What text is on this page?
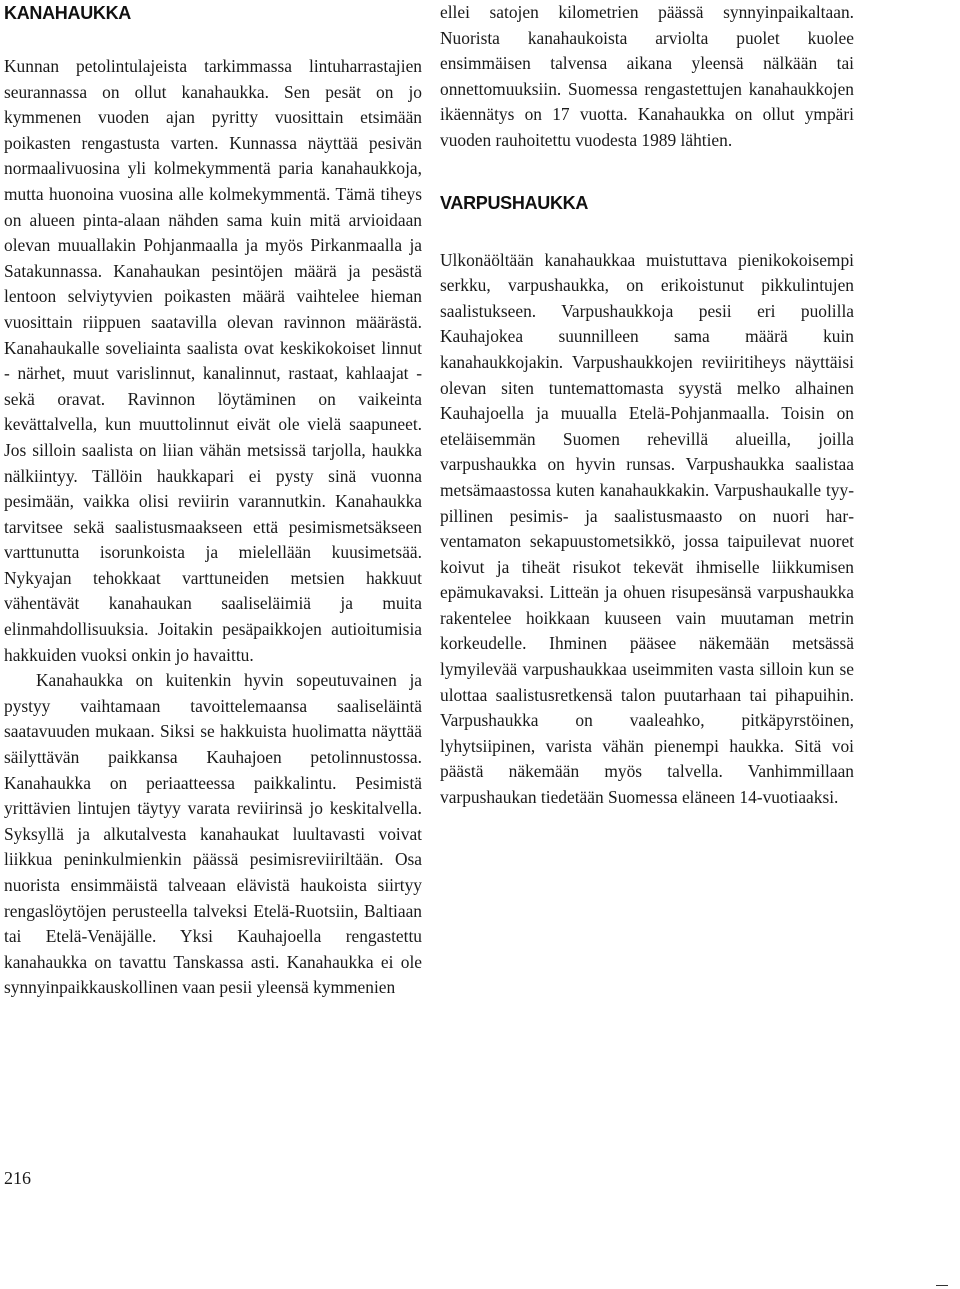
KANAHAUKKA

Kunnan petolintulajeista tarkimmassa lintuharrastajien seurannassa on ollut kanahaukka. Sen pesät on jo kymmenen vuoden ajan pyritty vuosittain etsimään poikasten rengastusta varten. Kunnassa näyttää pesivän normaalivuosina yli kolmekymmentä paria kanahaukkoja, mutta huonoina vuosina alle kolmekymmentä. Tämä tiheys on alueen pinta-alaan nähden sama kuin mitä arvioidaan olevan muuallakin Pohjanmaalla ja myös Pirkanmaalla ja Satakunnassa. Kanahaukan pesintöjen määrä ja pesästä lentoon selviytyvien poikasten määrä vaihtelee hieman vuosittain riippuen saatavilla olevan ravinnon määrästä. Kanahaukalle soveliainta saalista ovat keskikokoiset linnut - närhet, muut varislinnut, kanalinnut, rastaat, kahlaajat - sekä oravat. Ravinnon löytäminen on vaikeinta kevättalvella, kun muuttolinnut eivät ole vielä saapuneet. Jos silloin saalista on liian vähän metsissä tarjolla, haukka nälkiintyy. Tällöin haukkapari ei pysty sinä vuonna pesimään, vaikka olisi reviirin varannutkin. Kanahaukka tarvitsee sekä saalistusmaakseen että pesimismetsäkseen varttunutta isorunkoista ja mielellään kuusimetsää. Nykyajan tehokkaat varttuneiden metsien hakkuut vähentävät kanahaukan saaliseläimiä ja muita elinmahdollisuuksia. Joitakin pesäpaikkojen autioitumisia hakkuiden vuoksi onkin jo havaittu.

Kanahaukka on kuitenkin hyvin sopeutuvainen ja pystyy vaihtamaan tavoittelemaansa saaliseläintä saatavuuden mukaan. Siksi se hakkuista huolimatta näyttää säilyttävän paikkansa Kauhajoen petolinnustossa. Kanahaukka on periaatteessa paikkalintu. Pesimistä yrittävien lintujen täytyy varata reviirinsä jo keskitalvella. Syksyllä ja alkutalvesta kanahaukat luultavasti voivat liikkua peninkulmienkin päässä pesimisreviiriltään. Osa nuorista ensimmäistä talveaan elävistä haukoista siirtyy rengaslöytöjen perusteella talveksi Etelä-Ruotsiin, Baltiaan tai Etelä-Venäjälle. Yksi Kauhajoella rengastettu kanahaukka on tavattu Tanskassa asti. Kanahaukka ei ole synnyinpaikkauskollinen vaan pesii yleensä kymmenien

ellei satojen kilometrien päässä synnyinpaikaltaan. Nuorista kanahaukoista arviolta puolet kuolee ensimmäisen talvensa aikana yleensä nälkään tai onnettomuuksiin. Suomessa rengastettujen kanahaukkojen ikäennätys on 17 vuotta. Kanahaukka on ollut ympäri vuoden rauhoitettu vuodesta 1989 lähtien.

VARPUSHAUKKA

Ulkonäöltään kanahaukkaa muistuttava pienikokoisempi serkku, varpushaukka, on erikoistunut pikkulintujen saalistukseen. Varpushaukkoja pesii eri puolilla Kauhajokea suunnilleen sama määrä kuin kanahaukkojakin. Varpushaukkojen reviiritiheys näyttäisi olevan siten tuntemattomasta syystä melko alhainen Kauhajoella ja muualla Etelä-Pohjanmaalla. Toisin on eteläisemmän Suomen rehevillä alueilla, joilla varpushaukka on hyvin runsas. Varpushaukka saalistaa metsämaastossa kuten kanahaukkakin. Varpushaukalle tyypillinen pesimis- ja saalistusmaasto on nuori harventamaton sekapuustometsikkö, jossa taipuilevat nuoret koivut ja tiheät risukot tekevät ihmiselle liikkumisen epämukavaksi. Litteän ja ohuen risupesänsä varpushaukka rakentelee hoikkaan kuuseen vain muutaman metrin korkeudelle. Ihminen pääsee näkemään metsässä lymyilevää varpushaukkaa useimmiten vasta silloin kun se ulottaa saalistusretkensä talon puutarhaan tai pihapuihin. Varpushaukka on vaaleahko, pitkäpyrstöinen, lyhytsiipinen, varista vähän pienempi haukka. Sitä voi päästä näkemään myös talvella. Vanhimmillaan varpushaukan tiedetään Suomessa eläneen 14-vuotiaaksi.

216
